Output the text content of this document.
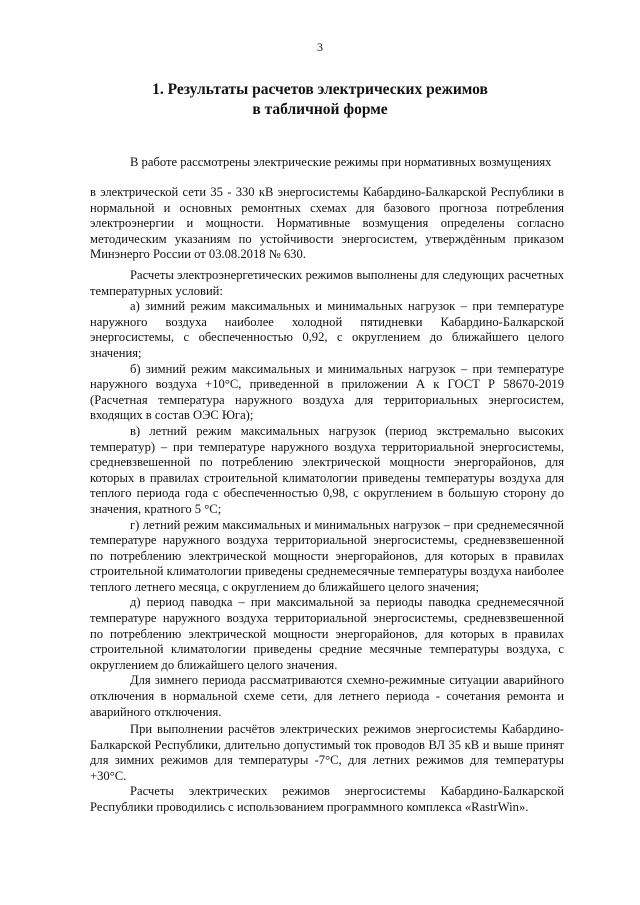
3
1. Результаты расчетов электрических режимов
в табличной форме
В работе рассмотрены электрические режимы при нормативных возмущениях

в электрической сети 35 - 330 кВ энергосистемы Кабардино-Балкарской Республики в нормальной и основных ремонтных схемах для базового прогноза потребления электроэнергии и мощности. Нормативные возмущения определены согласно методическим указаниям по устойчивости энергосистем, утверждённым приказом Минэнерго России от 03.08.2018 № 630.

Расчеты электроэнергетических режимов выполнены для следующих расчетных температурных условий:

а) зимний режим максимальных и минимальных нагрузок – при температуре наружного воздуха наиболее холодной пятидневки Кабардино-Балкарской энергосистемы, с обеспеченностью 0,92, с округлением до ближайшего целого значения;

б) зимний режим максимальных и минимальных нагрузок – при температуре наружного воздуха +10°C, приведенной в приложении А к ГОСТ Р 58670-2019 (Расчетная температура наружного воздуха для территориальных энергосистем, входящих в состав ОЭС Юга);

в) летний режим максимальных нагрузок (период экстремально высоких температур) – при температуре наружного воздуха территориальной энергосистемы, средневзвешенной по потреблению электрической мощности энергорайонов, для которых в правилах строительной климатологии приведены температуры воздуха для теплого периода года с обеспеченностью 0,98, с округлением в большую сторону до значения, кратного 5 °C;

г) летний режим максимальных и минимальных нагрузок – при среднемесячной температуре наружного воздуха территориальной энергосистемы, средневзвешенной по потреблению электрической мощности энергорайонов, для которых в правилах строительной климатологии приведены среднемесячные температуры воздуха наиболее теплого летнего месяца, с округлением до ближайшего целого значения;

д) период паводка – при максимальной за периоды паводка среднемесячной температуре наружного воздуха территориальной энергосистемы, средневзвешенной по потреблению электрической мощности энергорайонов, для которых в правилах строительной климатологии приведены средние месячные температуры воздуха, с округлением до ближайшего целого значения.

Для зимнего периода рассматриваются схемно-режимные ситуации аварийного отключения в нормальной схеме сети, для летнего периода - сочетания ремонта и аварийного отключения.

При выполнении расчётов электрических режимов энергосистемы Кабардино-Балкарской Республики, длительно допустимый ток проводов ВЛ 35 кВ и выше принят для зимних режимов для температуры -7°C, для летних режимов для температуры +30°C.

Расчеты электрических режимов энергосистемы Кабардино-Балкарской Республики проводились с использованием программного комплекса «RastrWin».
